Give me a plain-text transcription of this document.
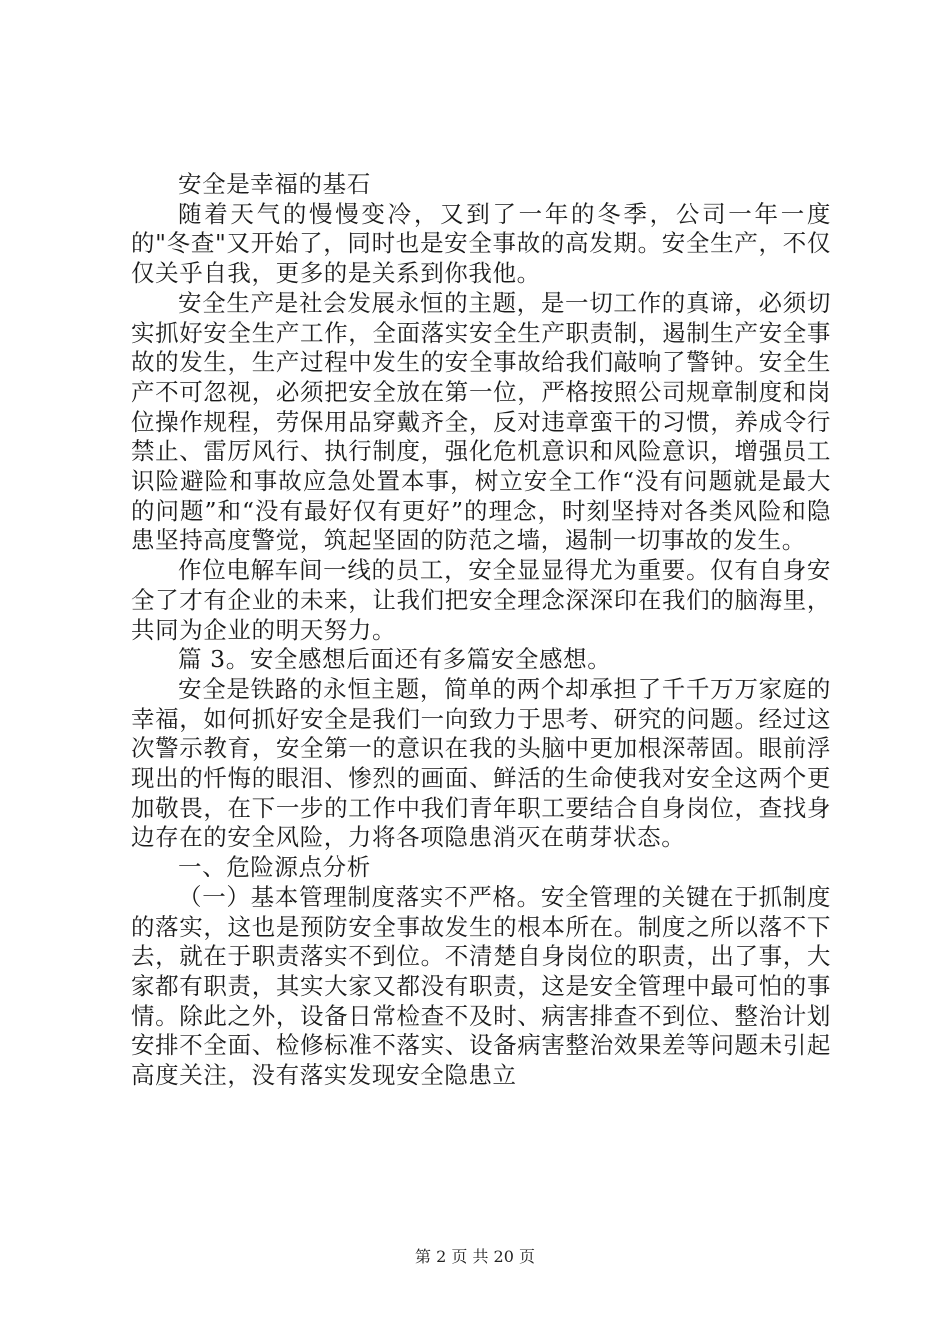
安全是幸福的基石

随着天气的慢慢变冷，又到了一年的冬季，公司一年一度的"冬查"又开始了，同时也是安全事故的高发期。安全生产，不仅仅关乎自我，更多的是关系到你我他。

安全生产是社会发展永恒的主题，是一切工作的真谛，必须切实抓好安全生产工作，全面落实安全生产职责制，遏制生产安全事故的发生，生产过程中发生的安全事故给我们敲响了警钟。安全生产不可忽视，必须把安全放在第一位，严格按照公司规章制度和岗位操作规程，劳保用品穿戴齐全，反对违章蛮干的习惯，养成令行禁止、雷厉风行、执行制度，强化危机意识和风险意识，增强员工识险避险和事故应急处置本事，树立安全工作“没有问题就是最大的问题”和“没有最好仅有更好”的理念，时刻坚持对各类风险和隐患坚持高度警觉，筑起坚固的防范之墙，遏制一切事故的发生。

作位电解车间一线的员工，安全显显得尤为重要。仅有自身安全了才有企业的未来，让我们把安全理念深深印在我们的脑海里，共同为企业的明天努力。

篇 3。安全感想后面还有多篇安全感想。

安全是铁路的永恒主题，简单的两个却承担了千千万万家庭的幸福，如何抓好安全是我们一向致力于思考、研究的问题。经过这次警示教育，安全第一的意识在我的头脑中更加根深蒂固。眼前浮现出的忏悔的眼泪、惨烈的画面、鲜活的生命使我对安全这两个更加敬畏，在下一步的工作中我们青年职工要结合自身岗位，查找身边存在的安全风险，力将各项隐患消灭在萌芽状态。

一、危险源点分析

（一）基本管理制度落实不严格。安全管理的关键在于抓制度的落实，这也是预防安全事故发生的根本所在。制度之所以落不下去，就在于职责落实不到位。不清楚自身岗位的职责，出了事，大家都有职责，其实大家又都没有职责，这是安全管理中最可怕的事情。除此之外，设备日常检查不及时、病害排查不到位、整治计划安排不全面、检修标准不落实、设备病害整治效果差等问题未引起高度关注，没有落实发现安全隐患立

第 2 页 共 20 页
